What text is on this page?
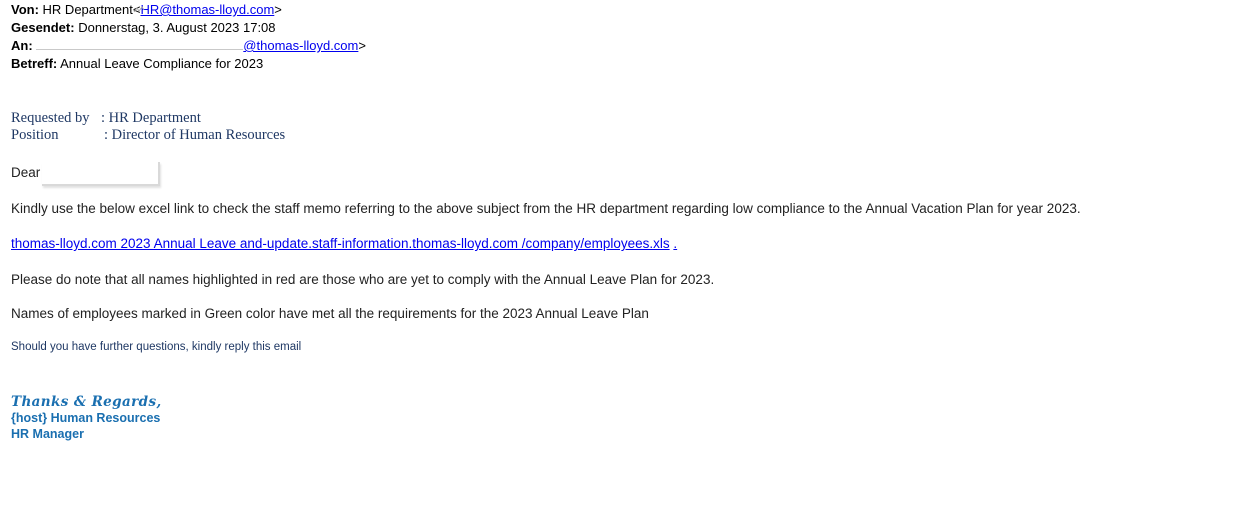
Von: HR Department<HR@thomas-lloyd.com>
Gesendet: Donnerstag, 3. August 2023 17:08
An:	@thomas-lloyd.com>
Betreff: Annual Leave Compliance for 2023
Requested by : HR Department
Position	: Director of Human Resources
Dear
Kindly use the below excel link to check the staff memo referring to the above subject from the HR department regarding low compliance to the Annual Vacation Plan for year 2023.
thomas-lloyd.com 2023 Annual Leave and-update.staff-information.thomas-lloyd.com /company/employees.xls .
Please do note that all names highlighted in red are those who are yet to comply with the Annual Leave Plan for 2023.
Names of employees marked in Green color have met all the requirements for the 2023 Annual Leave Plan
Should you have further questions, kindly reply this email
Thanks & Regards,
{host} Human Resources
HR Manager
